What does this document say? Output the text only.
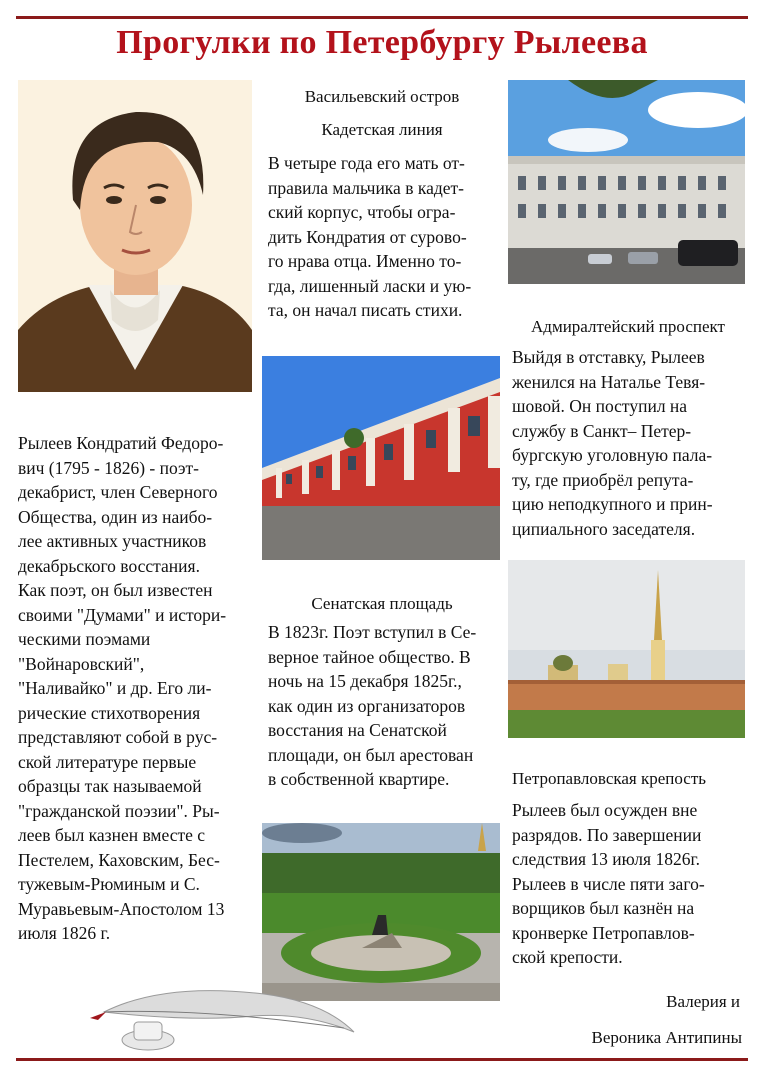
Прогулки по Петербургу Рылеева
Рылеев Кондратий Федоро-
вич (1795 - 1826) - поэт-
декабрист, член Северного
Общества, один из наибо-
лее активных участников
декабрьского восстания.
Как поэт, он был известен
своими "Думами" и истори-
ческими поэмами
"Войнаровский",
"Наливайко" и др. Его ли-
рические стихотворения
представляют собой в рус-
ской литературе первые
образцы так называемой
"гражданской поэзии". Ры-
леев был казнен вместе с
Пестелем, Каховским, Бес-
тужевым-Рюминым и С.
Муравьевым-Апостолом 13
июля 1826 г.
Васильевский остров
Кадетская линия
В четыре года его мать от-
правила мальчика в кадет-
ский корпус, чтобы огра-
дить Кондратия от сурово-
го нрава отца. Именно то-
гда, лишенный ласки и ую-
та, он начал писать стихи.
Адмиралтейский проспект
Выйдя в отставку, Рылеев
женился на Наталье Тевя-
шовой. Он поступил на
службу в Санкт– Петер-
бургскую уголовную пала-
ту, где приобрёл репута-
цию неподкупного и прин-
ципиального заседателя.
Сенатская площадь
В 1823г. Поэт вступил в Се-
верное тайное общество. В
ночь на 15 декабря 1825г.,
как один из организаторов
восстания на Сенатской
площади, он был арестован
в собственной квартире.	Петропавловская крепость
Рылеев был осужден вне
разрядов. По завершении
следствия 13 июля 1826г.
Рылеев в числе пяти заго-
ворщиков был казнён на
кронверке Петропавлов-
ской крепости.
Валерия и
Вероника Антипины
